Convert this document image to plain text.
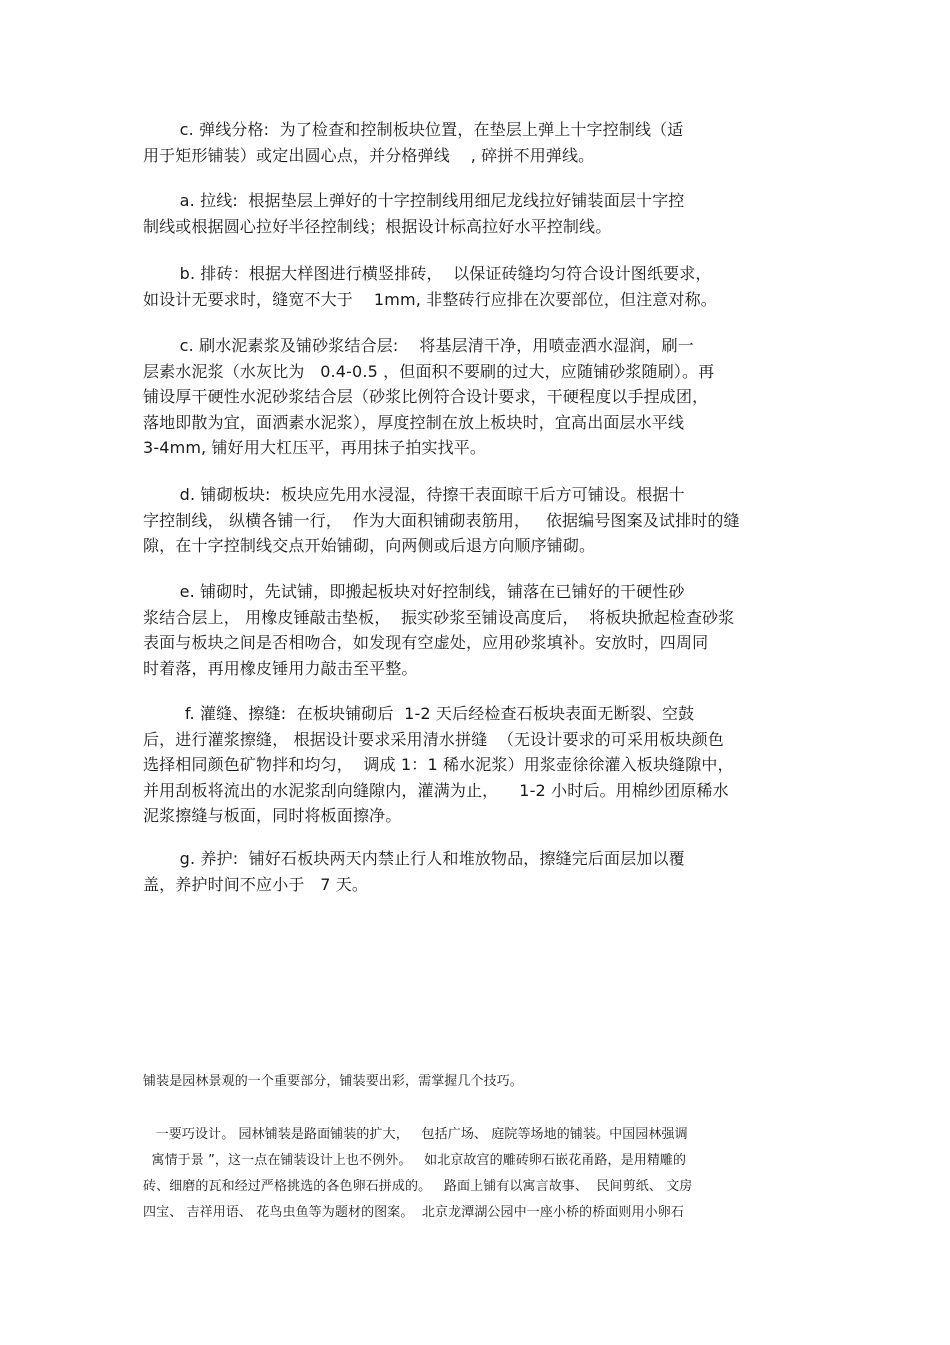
c. 弹线分格:  为了检查和控制板块位置，在垫层上弹上十字控制线（适
用于矩形铺装）或定出圆心点，并分格弹线    , 碎拼不用弹线。
a. 拉线:  根据垫层上弹好的十字控制线用细尼龙线拉好铺装面层十字控
制线或根据圆心拉好半径控制线；根据设计标高拉好水平控制线。
b. 排砖：根据大样图进行横竖排砖，  以保证砖缝均匀符合设计图纸要求，
如设计无要求时，缝宽不大于    1mm, 非整砖行应排在次要部位，但注意对称。
c. 刷水泥素浆及铺砂浆结合层:    将基层清干净，用喷壶洒水湿润，刷一
层素水泥浆（水灰比为   0.4-0.5 ，但面积不要刷的过大，应随铺砂浆随刷）。再
铺设厚干硬性水泥砂浆结合层（砂浆比例符合设计要求，干硬程度以手捏成团，
落地即散为宜，面洒素水泥浆），厚度控制在放上板块时，宜高出面层水平线
3-4mm, 铺好用大杠压平，再用抹子拍实找平。
d. 铺砌板块:  板块应先用水浸湿，待擦干表面晾干后方可铺设。根据十
字控制线， 纵横各铺一行，  作为大面积铺砌表筋用，   依据编号图案及试排时的缝
隙，在十字控制线交点开始铺砌，向两侧或后退方向顺序铺砌。
e. 铺砌时，先试铺，即搬起板块对好控制线，铺落在已铺好的干硬性砂
浆结合层上， 用橡皮锤敲击垫板，  振实砂浆至铺设高度后，  将板块掀起检查砂浆
表面与板块之间是否相吻合，如发现有空虚处，应用砂浆填补。安放时，四周同
时着落，再用橡皮锤用力敲击至平整。
f. 灌缝、擦缝:  在板块铺砌后  1-2 天后经检查石板块表面无断裂、空鼓
后，进行灌浆擦缝， 根据设计要求采用清水拼缝  （无设计要求的可采用板块颜色
选择相同颜色矿物拌和均匀，  调成 1：1 稀水泥浆）用浆壶徐徐灌入板块缝隙中，
并用刮板将流出的水泥浆刮向缝隙内，灌满为止，    1-2 小时后。用棉纱团原稀水
泥浆擦缝与板面，同时将板面擦净。
g. 养护:  铺好石板块两天内禁止行人和堆放物品，擦缝完后面层加以覆
盖，养护时间不应小于   7 天。
铺装是园林景观的一个重要部分，铺装要出彩，需掌握几个技巧。
一要巧设计。 园林铺装是路面铺装的扩大，   包括广场、 庭院等场地的铺装。中国园林强调
寓情于景 ”，这一点在铺装设计上也不例外。   如北京故宫的雕砖卵石嵌花甬路，是用精雕的
砖、细磨的瓦和经过严格挑选的各色卵石拼成的。   路面上铺有以寓言故事、  民间剪纸、 文房
四宝、 吉祥用语、 花鸟虫鱼等为题材的图案。  北京龙潭湖公园中一座小桥的桥面则用小卵石
